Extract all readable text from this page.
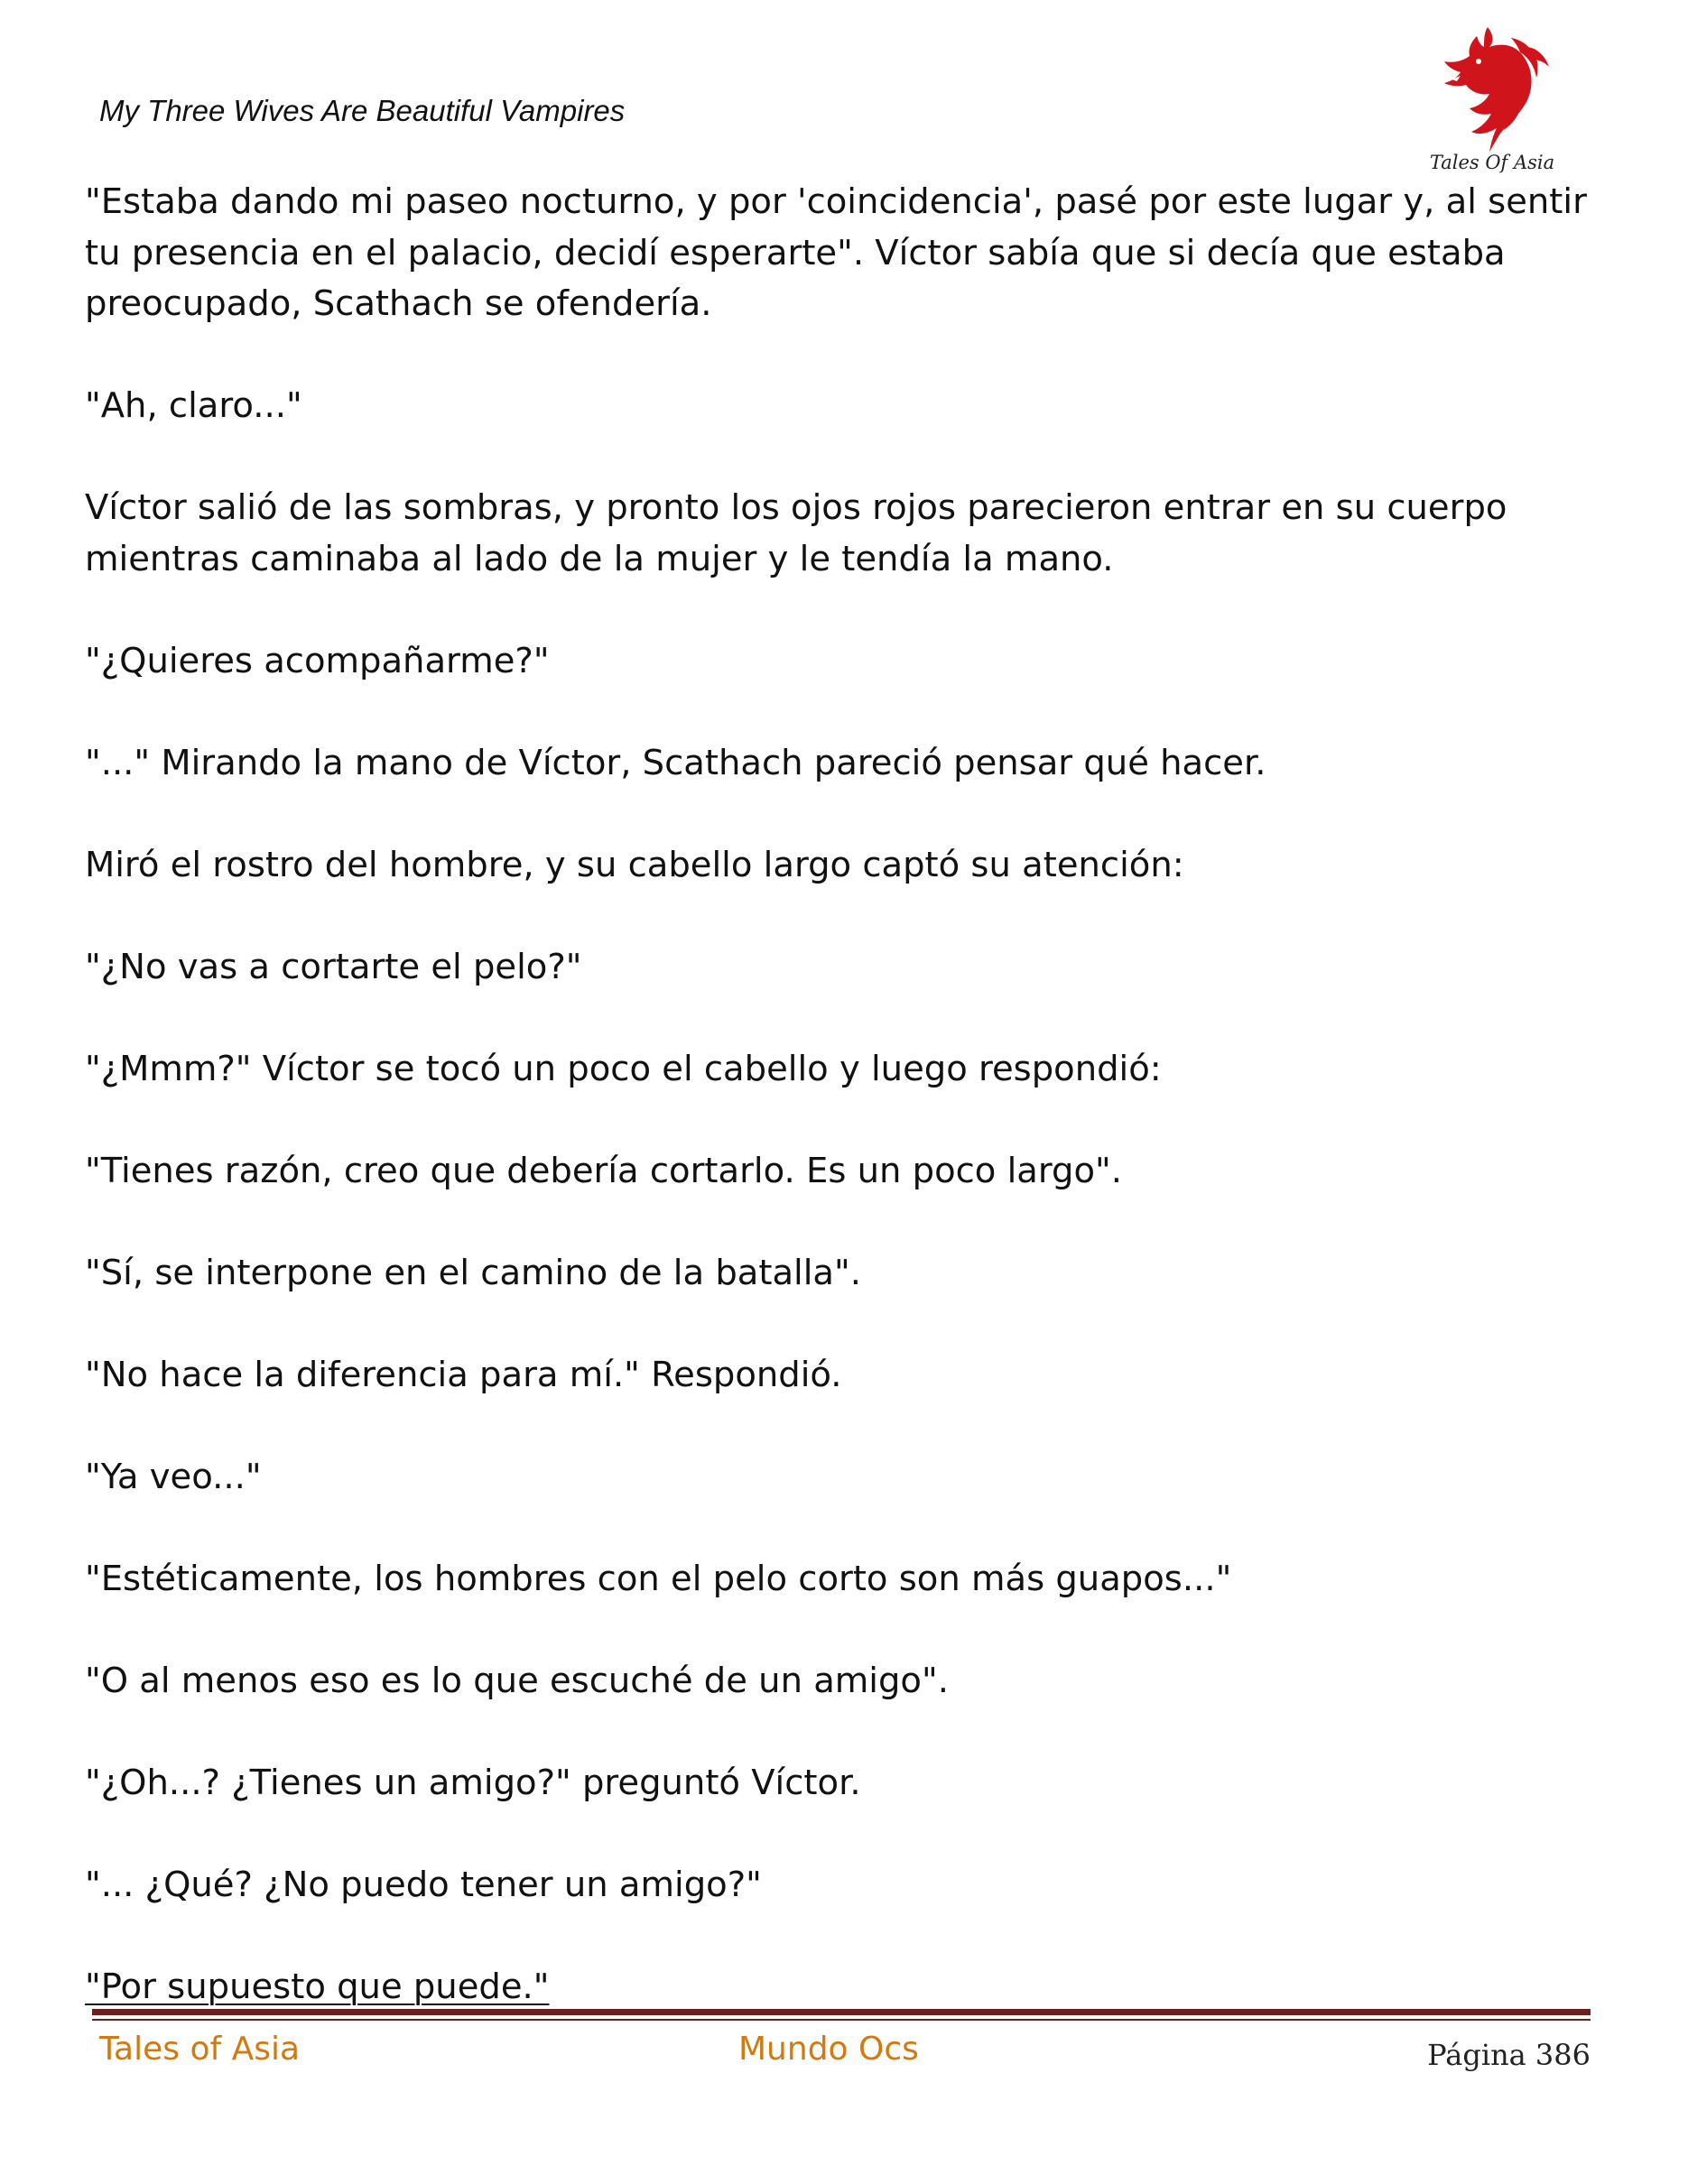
My Three Wives Are Beautiful Vampires
Tales Of Asia

"Estaba dando mi paseo nocturno, y por 'coincidencia', pasé por este lugar y, al sentir tu presencia en el palacio, decidí esperarte". Víctor sabía que si decía que estaba preocupado, Scathach se ofendería.

"Ah, claro..."

Víctor salió de las sombras, y pronto los ojos rojos parecieron entrar en su cuerpo mientras caminaba al lado de la mujer y le tendía la mano.

"¿Quieres acompañarme?"

"..." Mirando la mano de Víctor, Scathach pareció pensar qué hacer.

Miró el rostro del hombre, y su cabello largo captó su atención:

"¿No vas a cortarte el pelo?"

"¿Mmm?" Víctor se tocó un poco el cabello y luego respondió:

"Tienes razón, creo que debería cortarlo. Es un poco largo".

"Sí, se interpone en el camino de la batalla".

"No hace la diferencia para mí." Respondió.

"Ya veo..."

"Estéticamente, los hombres con el pelo corto son más guapos..."

"O al menos eso es lo que escuché de un amigo".

"¿Oh...? ¿Tienes un amigo?" preguntó Víctor.

"... ¿Qué? ¿No puedo tener un amigo?"

"Por supuesto que puede."

Tales of Asia	Mundo Ocs	Página 386
